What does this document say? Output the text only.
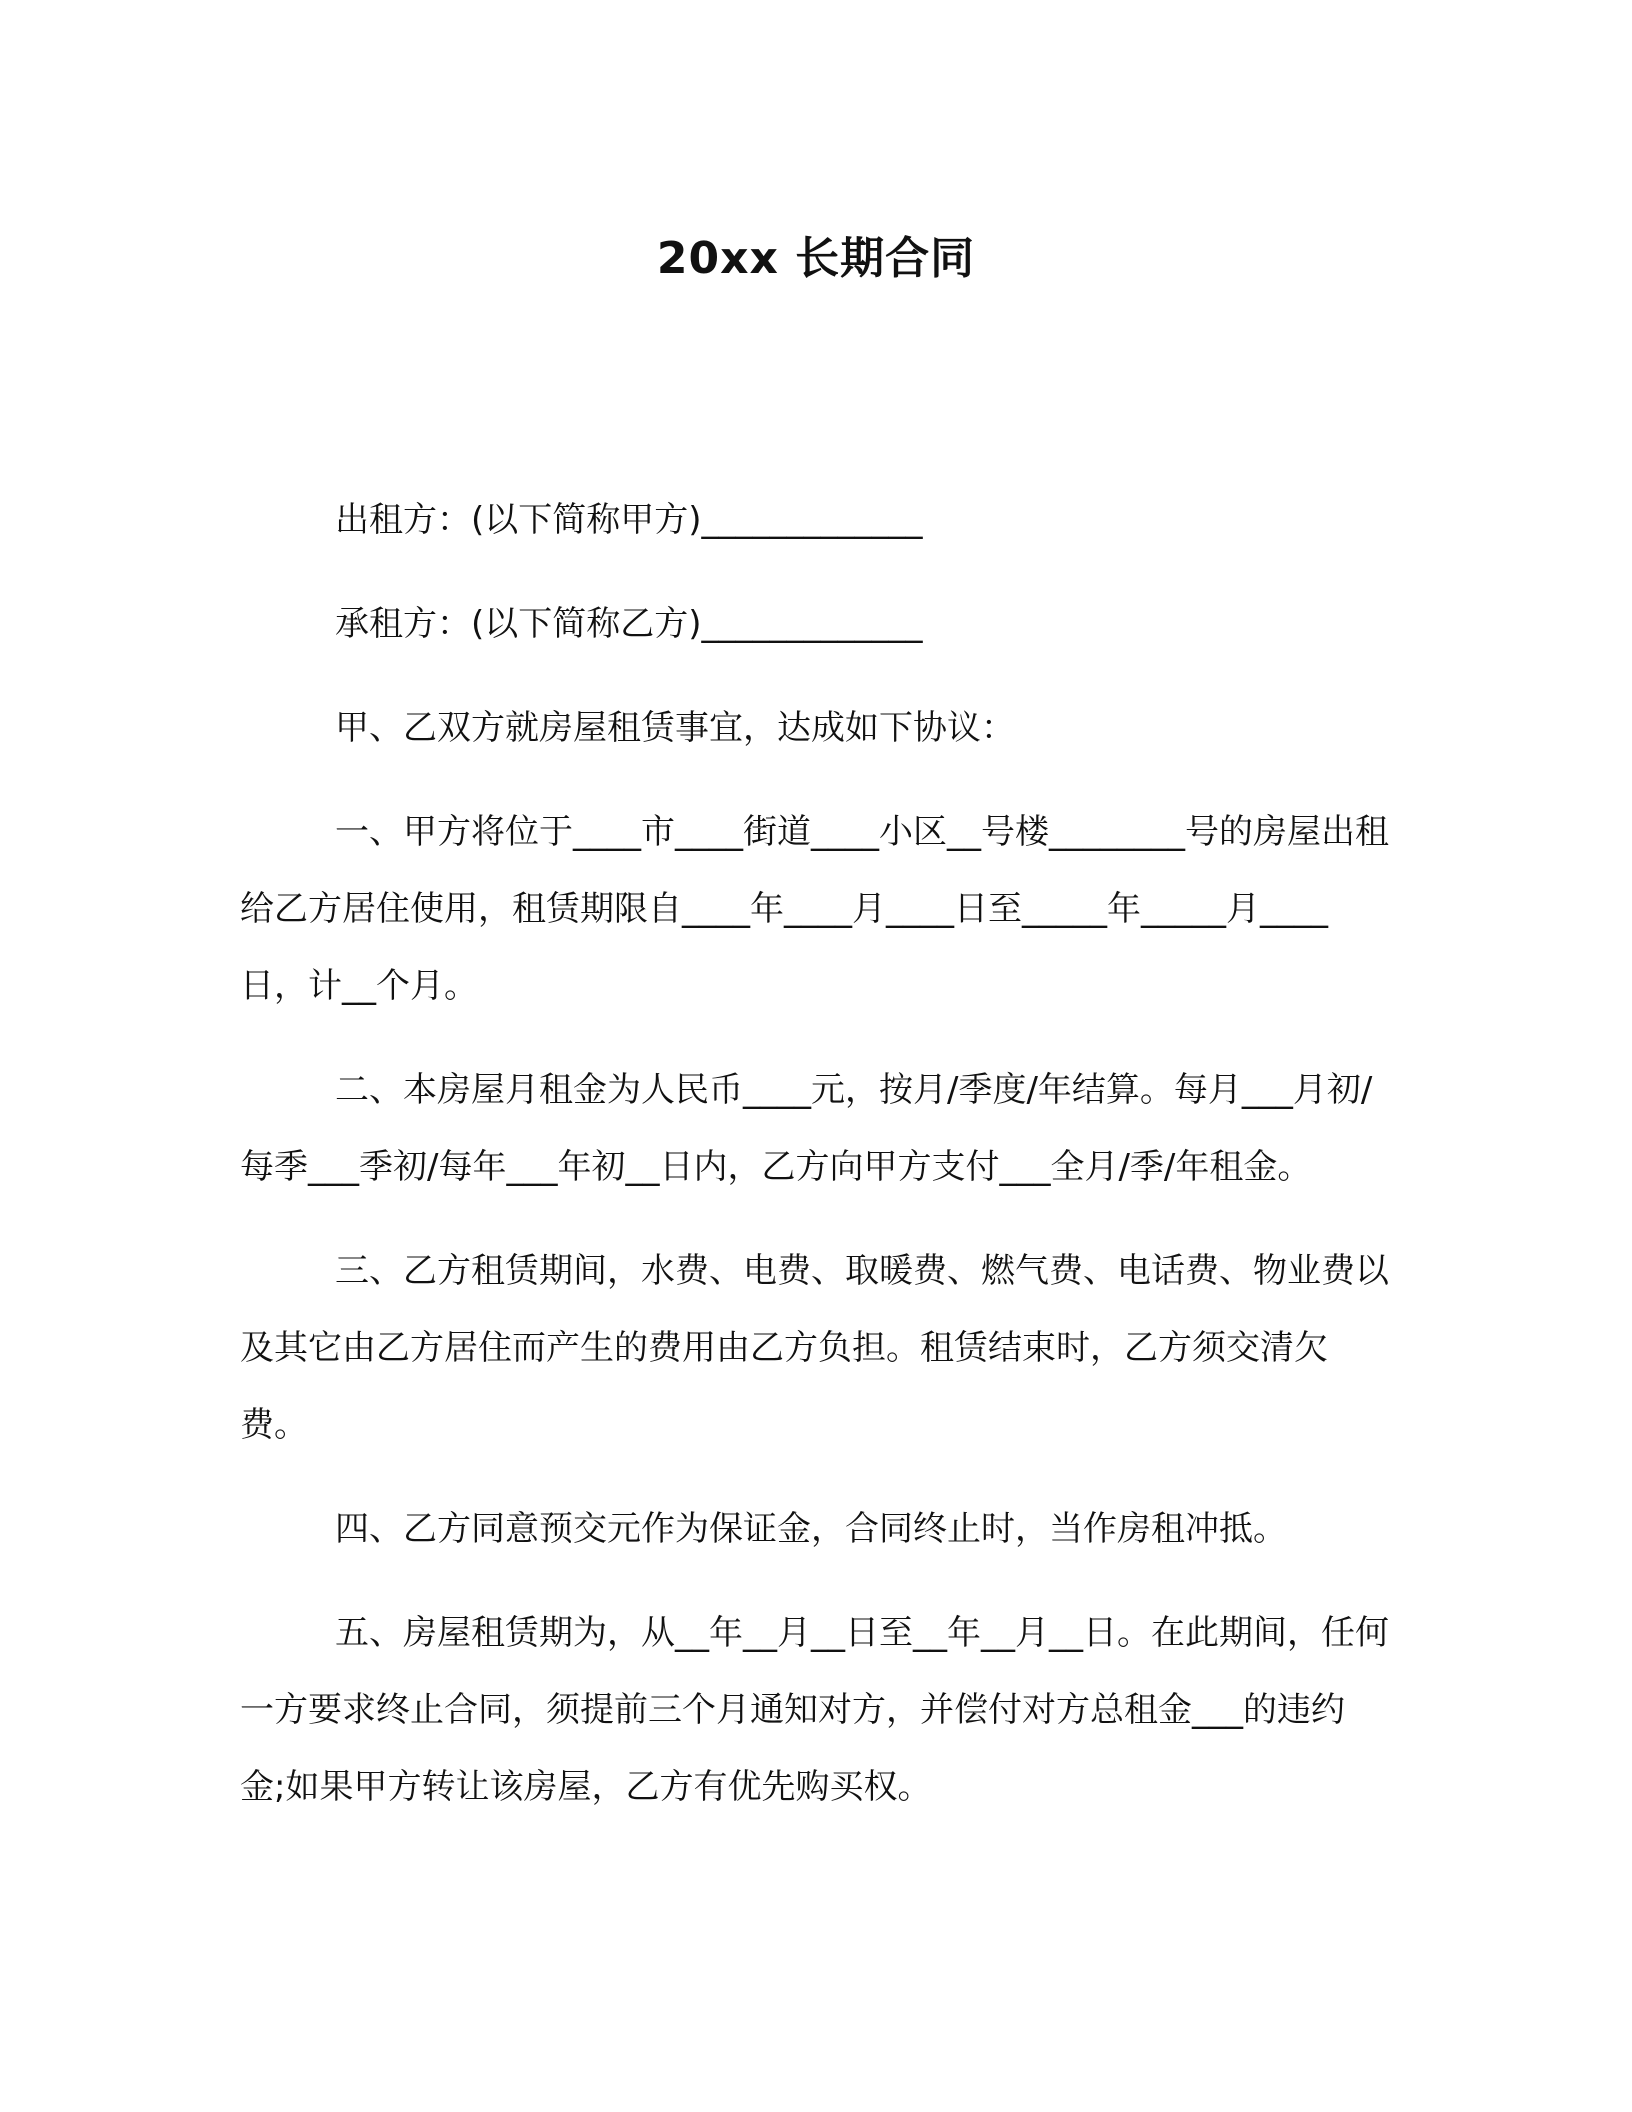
20xx 长期合同

出租方：(以下简称甲方)_____________

承租方：(以下简称乙方)_____________

甲、乙双方就房屋租赁事宜，达成如下协议：

一、甲方将位于____市____街道____小区__号楼________号的房屋出租给乙方居住使用，租赁期限自____年____月____日至_____年_____月____日，计__个月。

二、本房屋月租金为人民币____元，按月/季度/年结算。每月___月初/每季___季初/每年___年初__日内，乙方向甲方支付___全月/季/年租金。

三、乙方租赁期间，水费、电费、取暖费、燃气费、电话费、物业费以及其它由乙方居住而产生的费用由乙方负担。租赁结束时，乙方须交清欠费。

四、乙方同意预交元作为保证金，合同终止时，当作房租冲抵。

五、房屋租赁期为，从__年__月__日至__年__月__日。在此期间，任何一方要求终止合同，须提前三个月通知对方，并偿付对方总租金___的违约金;如果甲方转让该房屋，乙方有优先购买权。
